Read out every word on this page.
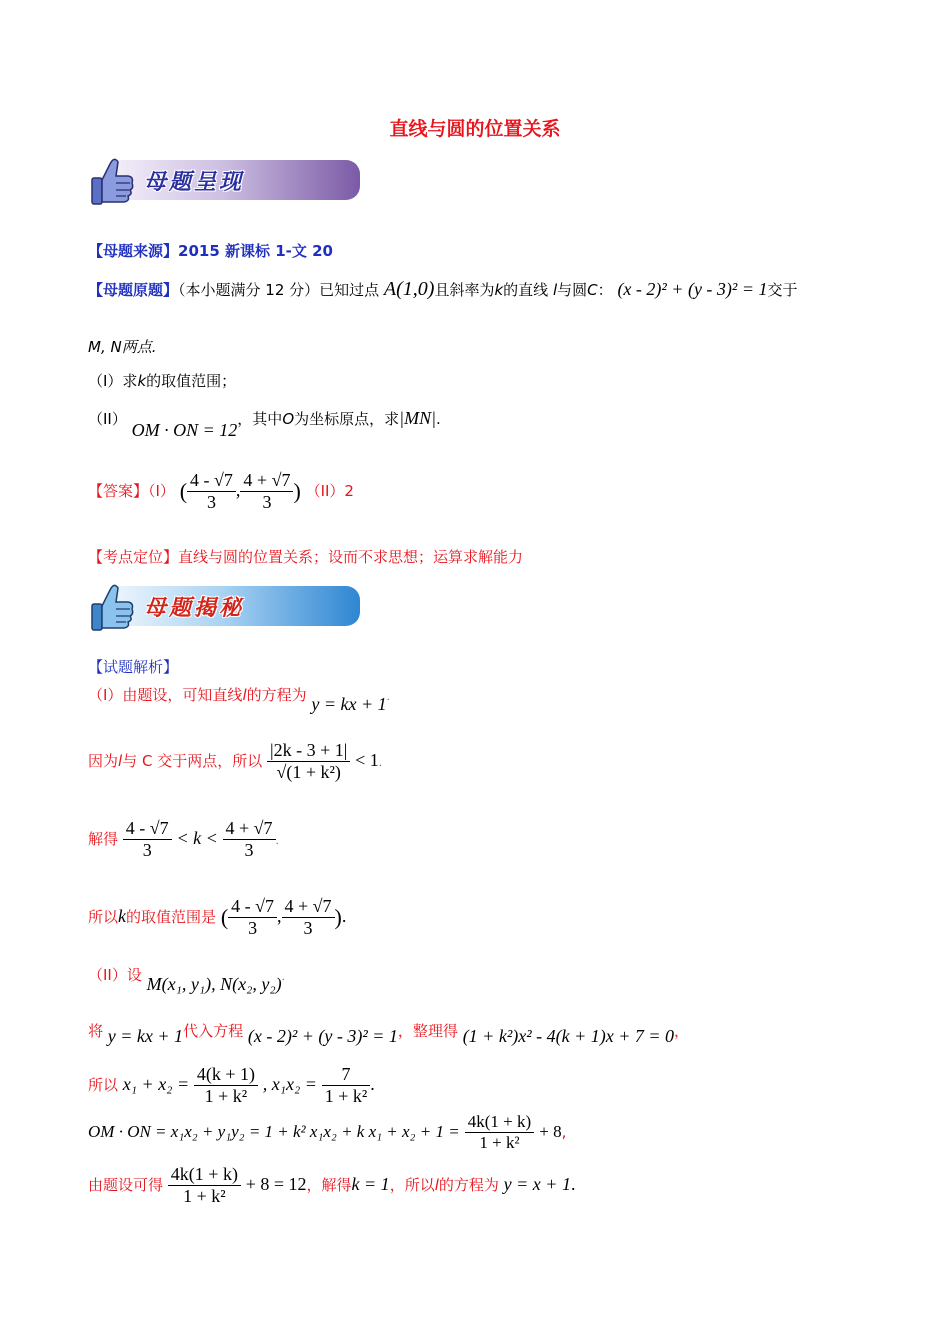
直线与圆的位置关系
母题呈现
【母题来源】2015 新课标 1-文 20
【母题原题】（本小题满分 12 分）已知过点 A(1,0)且斜率为k的直线 l与圆C： (x - 2)² + (y - 3)² = 1交于
M, N两点.
（I）求k的取值范围；
（II） OM · ON = 12，其中O为坐标原点，求|MN|.
【答案】（I） ( $\frac{4 - √7}{3}$ , $\frac{4 + √7}{3}$ ) （II）2
【考点定位】直线与圆的位置关系；设而不求思想；运算求解能力
母题揭秘
【试题解析】
（I）由题设，可知直线l的方程为 y = kx + 1.
因为l与 C 交于两点，所以 $\frac{|2k - 3 + 1|}{\text{√(1 + k²)}} < 1$.
解得 $\frac{4 - √7}{3} < k < \frac{4 + √7}{3}$ .
所以k的取值范围是 ( $\frac{4 - √7}{3}$ , $\frac{4 + √7}{3}$ ).
（II）设 M(x₁, y₁), N(x₂, y₂).
将 y = kx + 1代入方程 (x - 2)² + (y - 3)² = 1，整理得 (1 + k²)x² - 4(k + 1)x + 7 = 0，
所以 $x_1 + x_2 = \frac{4(k + 1)}{\text{1 + k²}}$ , $x_1x_2 = \frac{7}{\text{1 + k²}}$ .
OM · ON = x₁x₂ + y₁y₂ = 1 + k² x₁x₂ + k $x_1 + x_2 + 1 = \frac{4k(1 + k)}{\text{1 + k²}} + 8$,
由题设可得 $\frac{4k(1 + k)}{\text{1 + k²}} + 8 = 12$，解得k = 1，所以l的方程为 y = x + 1.
